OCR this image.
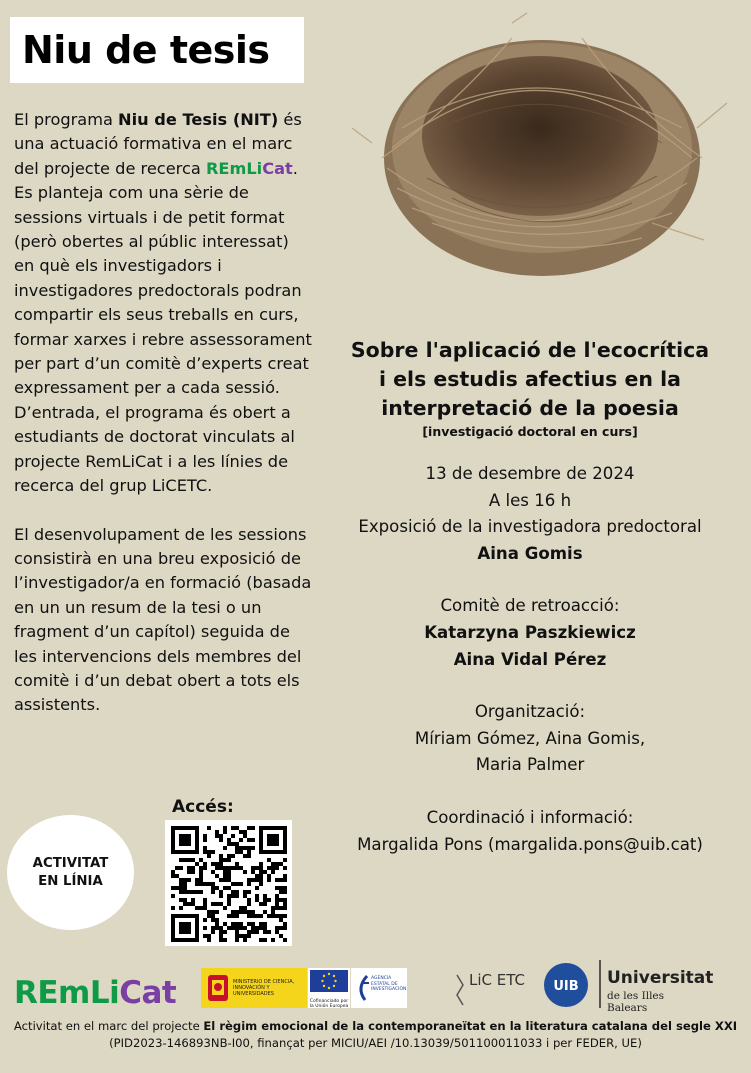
Niu de tesis

El programa Niu de Tesis (NIT) és una actuació formativa en el marc del projecte de recerca REmLiCat. Es planteja com una sèrie de sessions virtuals i de petit format (però obertes al públic interessat) en què els investigadors i investigadores predoctorals podran compartir els seus treballs en curs, formar xarxes i rebre assessorament per part d’un comitè d’experts creat expressament per a cada sessió. D’entrada, el programa és obert a estudiants de doctorat vinculats al projecte RemLiCat i a les línies de recerca del grup LiCETC.

El desenvolupament de les sessions consistirà en una breu exposició de l’investigador/a en formació (basada en un un resum de la tesi o un fragment d’un capítol) seguida de les intervencions dels membres del comitè i d’un debat obert a tots els assistents.

Sobre l'aplicació de l'ecocrítica
i els estudis afectius en la
interpretació de la poesia
[investigació doctoral en curs]
13 de desembre de 2024
A les 16 h
Exposició de la investigadora predoctoral
Aina Gomis
Comitè de retroacció:
Katarzyna Paszkiewicz
Aina Vidal Pérez
Organització:
Míriam Gómez, Aina Gomis,
Maria Palmer
Coordinació i informació:
Margalida Pons (margalida.pons@uib.cat)
ACTIVITAT
EN LÍNIA
Accés:
REmLiCat	MINISTERIO DE CIENCIA, INNOVACIÓN Y UNIVERSIDADES
Cofinanciado por la Unión Europea
AGENCIA ESTATAL DE INVESTIGACIÓN
LiC ETC UIB Universitat
de les Illes Balears
Activitat en el marc del projecte El règim emocional de la contemporaneïtat en la literatura catalana del segle XXI (PID2023-146893NB-I00, finançat per MICIU/AEI /10.13039/501100011033 i per FEDER, UE)
